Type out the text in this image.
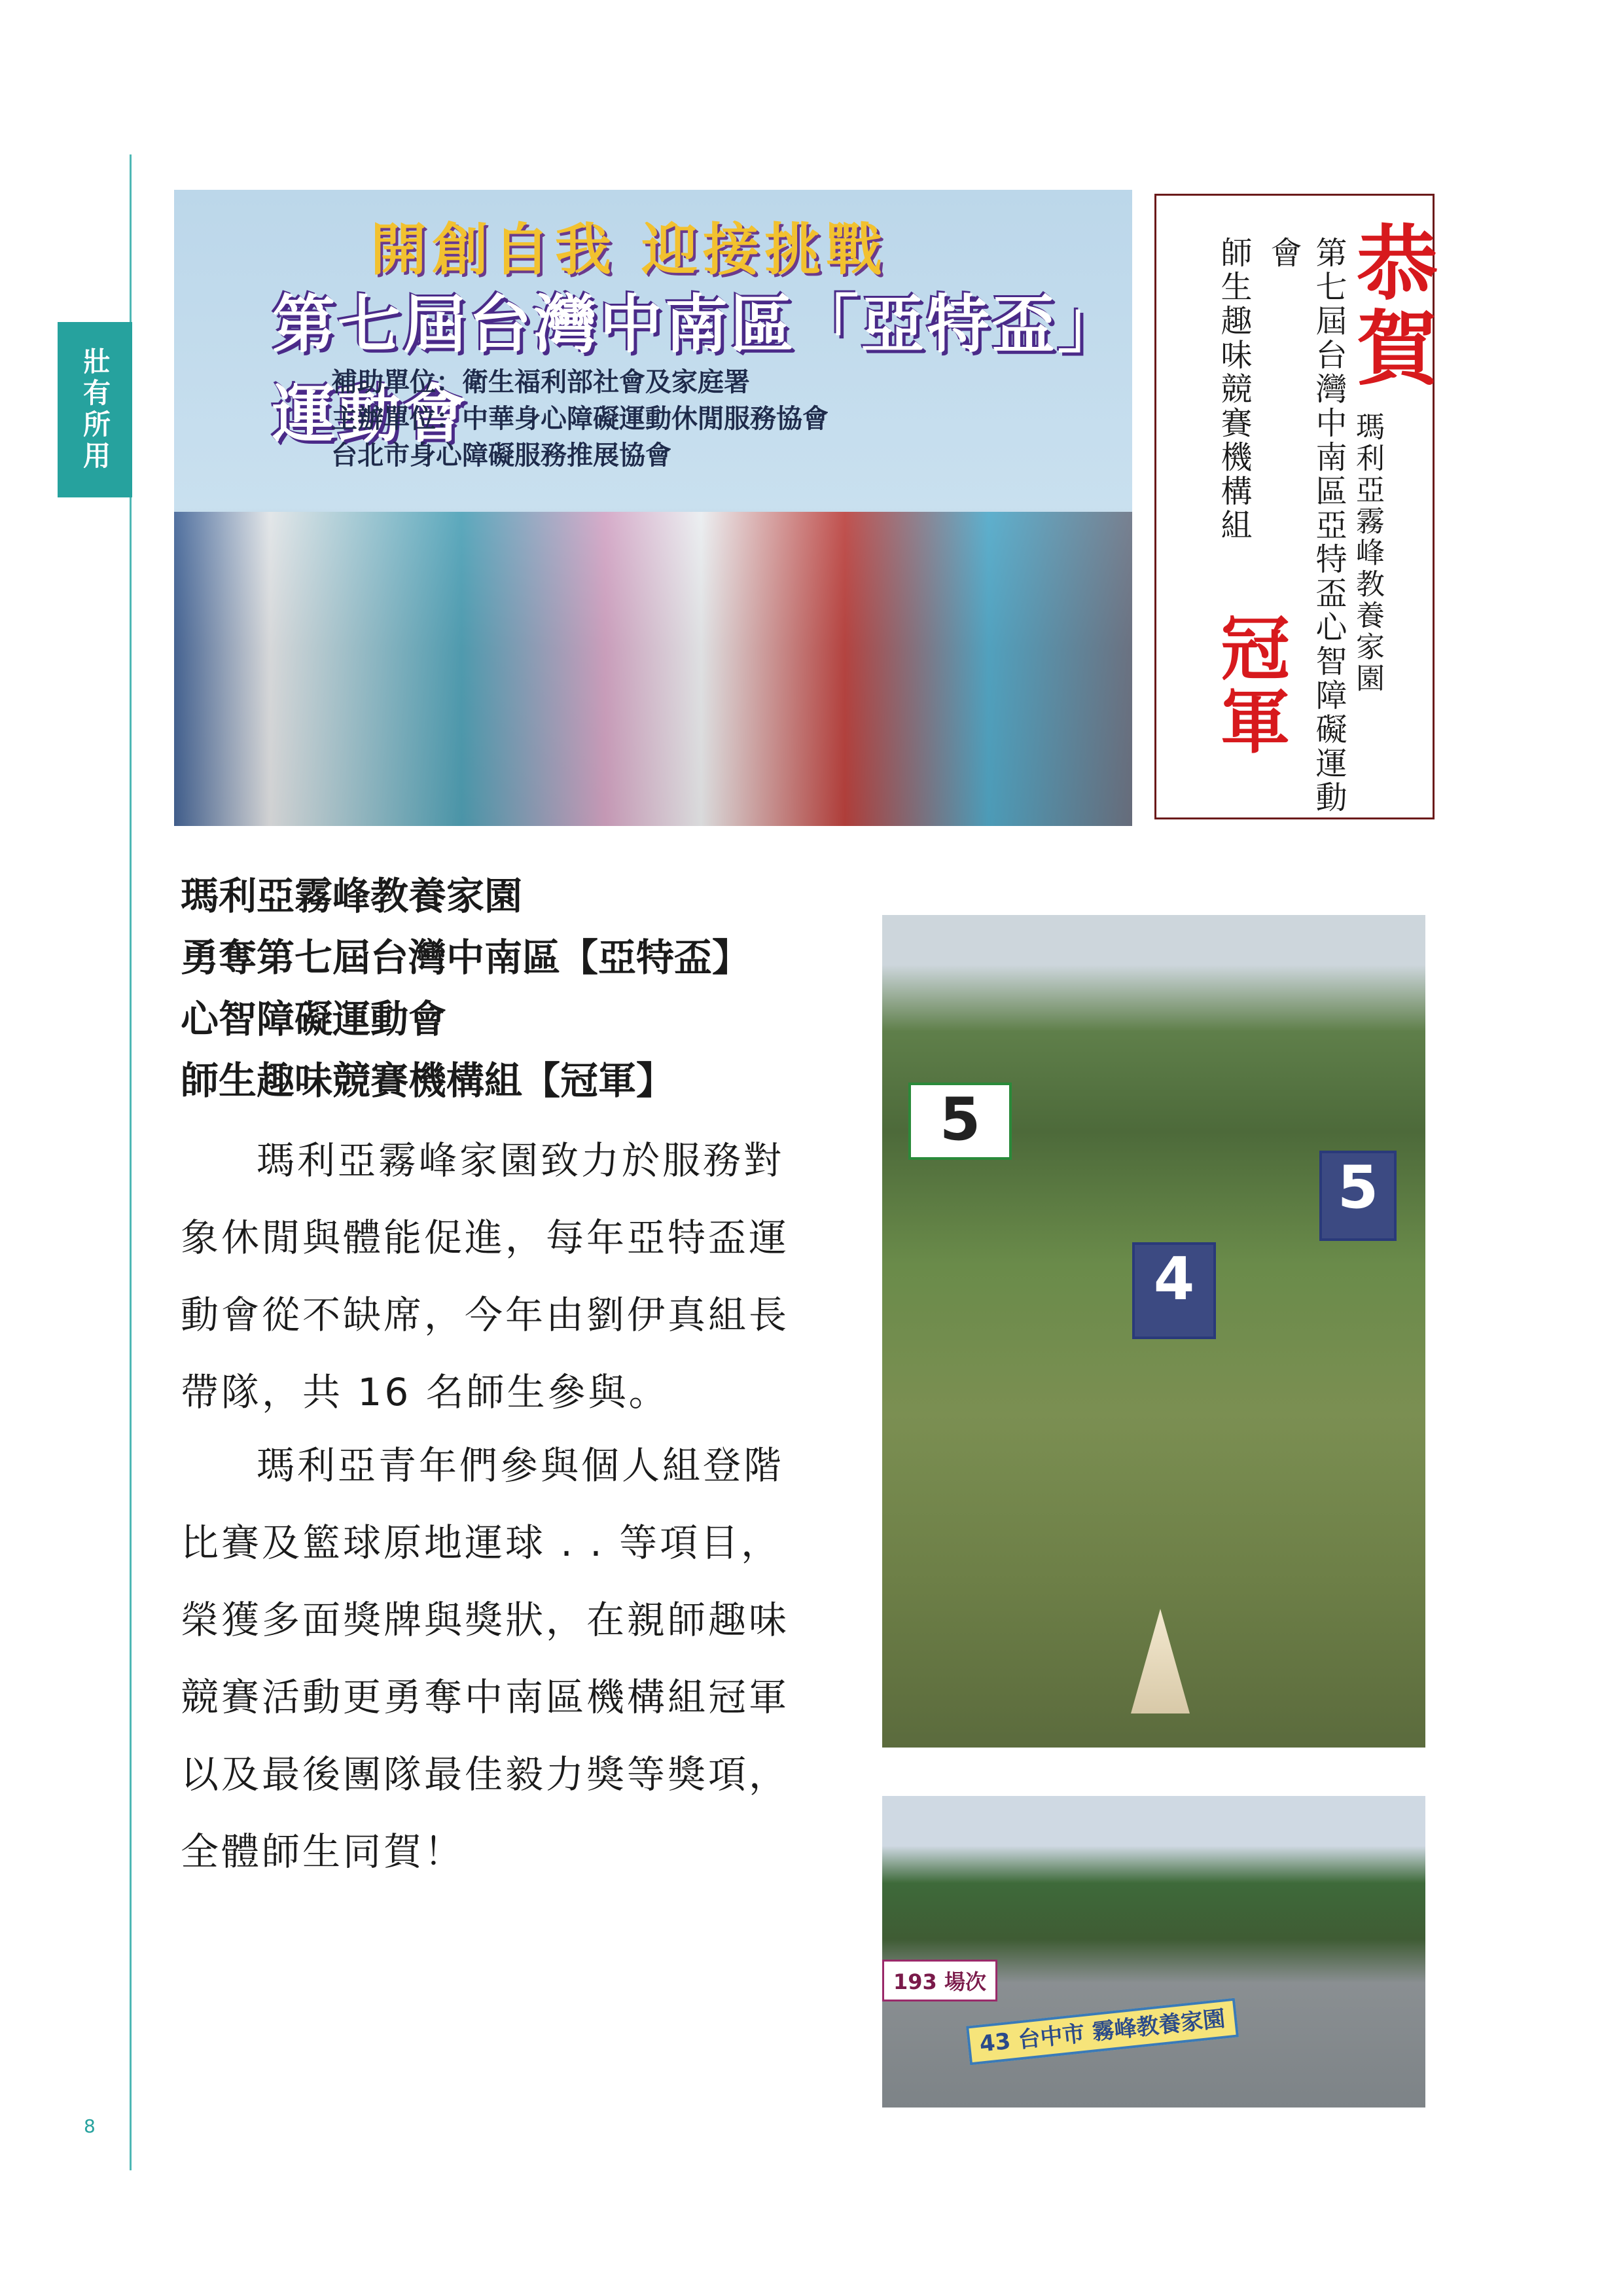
壯有所用
8
開創自我 迎接挑戰
第七屆台灣中南區「亞特盃」運動會
補助單位：衛生福利部社會及家庭署
主辦單位：中華身心障礙運動休閒服務協會
台北市身心障礙服務推展協會
恭賀
瑪利亞霧峰教養家園
第七屆台灣中南區亞特盃心智障礙運動會
師生趣味競賽機構組
冠軍
瑪利亞霧峰教養家園
勇奪第七屆台灣中南區【亞特盃】
心智障礙運動會
師生趣味競賽機構組【冠軍】

瑪利亞霧峰家園致力於服務對象休閒與體能促進，每年亞特盃運動會從不缺席，今年由劉伊真組長帶隊，共 16 名師生參與。

瑪利亞青年們參與個人組登階比賽及籃球原地運球 . . 等項目，榮獲多面獎牌與獎狀，在親師趣味競賽活動更勇奪中南區機構組冠軍以及最後團隊最佳毅力獎等獎項，全體師生同賀！

5
5
4
193 場次
43 台中市 霧峰教養家園
